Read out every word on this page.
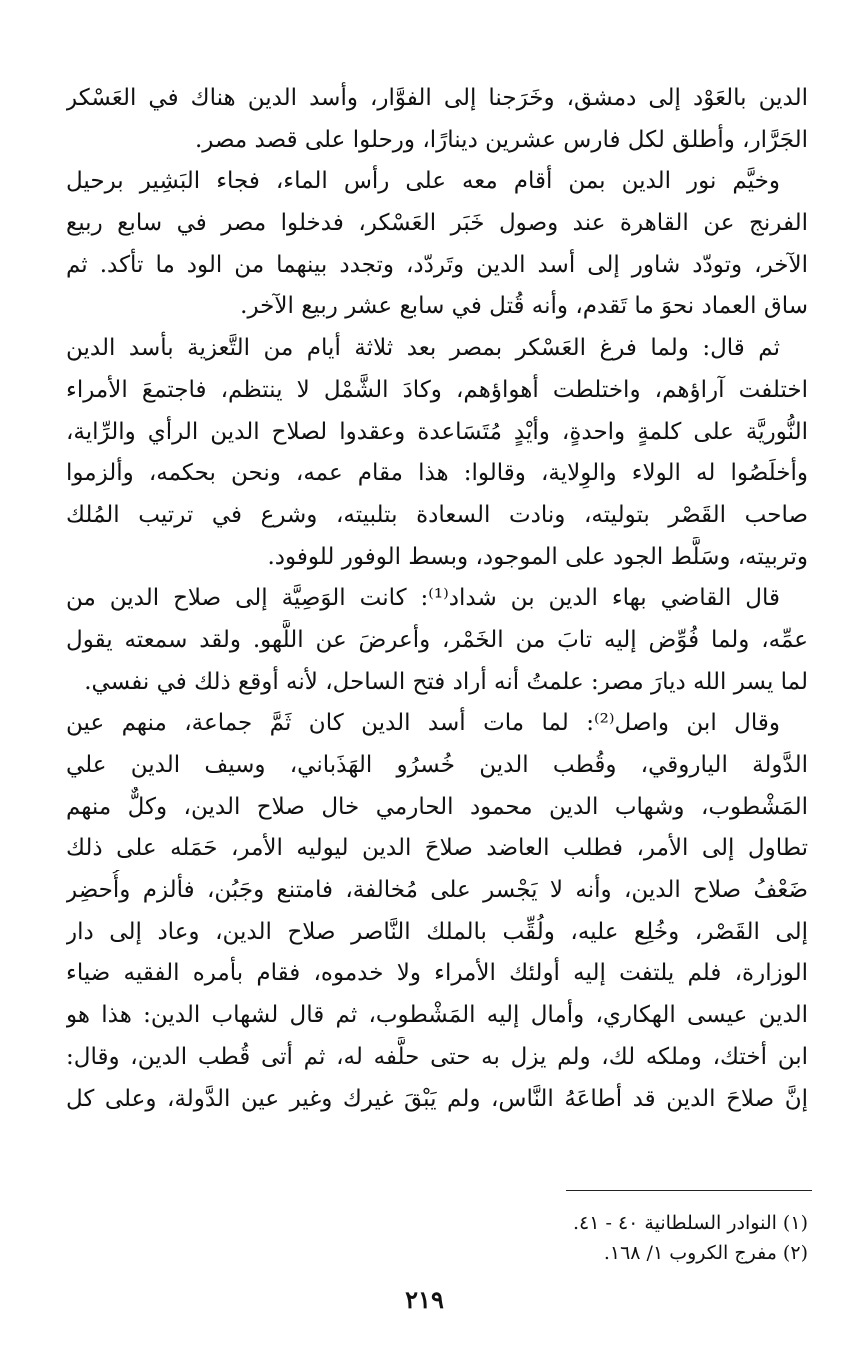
الدين بالعَوْد إلى دمشق، وخَرَجنا إلى الفوَّار، وأسد الدين هناك في العَسْكر
الجَرَّار، وأطلق لكل فارس عشرين دينارًا، ورحلوا على قصد مصر.
وخيَّم نور الدين بمن أقام معه على رأس الماء، فجاء البَشِير برحيل
الفرنج عن القاهرة عند وصول خَبَر العَسْكر، فدخلوا مصر في سابع ربيع
الآخر، وتودّد شاور إلى أسد الدين وتَردّد، وتجدد بينهما من الود ما تأكد. ثم
ساق العماد نحوَ ما تَقدم، وأنه قُتل في سابع عشر ربيع الآخر.
ثم قال: ولما فرغ العَسْكر بمصر بعد ثلاثة أيام من التَّعزية بأسد الدين
اختلفت آراؤهم، واختلطت أهواؤهم، وكادَ الشَّمْل لا ينتظم، فاجتمعَ الأمراء
النُّوريَّة على كلمةٍ واحدةٍ، وأيْدٍ مُتَسَاعدة وعقدوا لصلاح الدين الرأي والرِّاية،
وأخلَصُوا له الولاء والوِلاية، وقالوا: هذا مقام عمه، ونحن بحكمه، وألزموا
صاحب القَصْر بتوليته، ونادت السعادة بتلبيته، وشرع في ترتيب المُلك
وتربيته، وسَلَّط الجود على الموجود، وبسط الوفور للوفود.
قال القاضي بهاء الدين بن شداد⁽¹⁾: كانت الوَصِيَّة إلى صلاح الدين من
عمِّه، ولما فُوِّض إليه تابَ من الخَمْر، وأعرضَ عن اللَّهو. ولقد سمعته يقول
لما يسر الله ديارَ مصر: علمتُ أنه أراد فتح الساحل، لأنه أوقع ذلك في نفسي.
وقال ابن واصل⁽²⁾: لما مات أسد الدين كان ثَمَّ جماعة، منهم عين
الدَّولة الياروقي، وقُطب الدين خُسرُو الهَذَباني، وسيف الدين علي
المَشْطوب، وشهاب الدين محمود الحارمي خال صلاح الدين، وكلٌّ منهم
تطاول إلى الأمر، فطلب العاضد صلاحَ الدين ليوليه الأمر، حَمَله على ذلك
ضَعْفُ صلاح الدين، وأنه لا يَجْسر على مُخالفة، فامتنع وجَبُن، فألزم وأُحضِر
إلى القَصْر، وخُلِع عليه، ولُقِّب بالملك النَّاصر صلاح الدين، وعاد إلى دار
الوزارة، فلم يلتفت إليه أولئك الأمراء ولا خدموه، فقام بأمره الفقيه ضياء
الدين عيسى الهكاري، وأمال إليه المَشْطوب، ثم قال لشهاب الدين: هذا هو
ابن أختك، وملكه لك، ولم يزل به حتى حلَّفه له، ثم أتى قُطب الدين، وقال:
إنَّ صلاحَ الدين قد أطاعَهُ النَّاس، ولم يَبْقَ غيرك وغير عين الدَّولة، وعلى كل
(١) النوادر السلطانية ٤٠ - ٤١.
(٢) مفرج الكروب ١/ ١٦٨.
٢١٩
